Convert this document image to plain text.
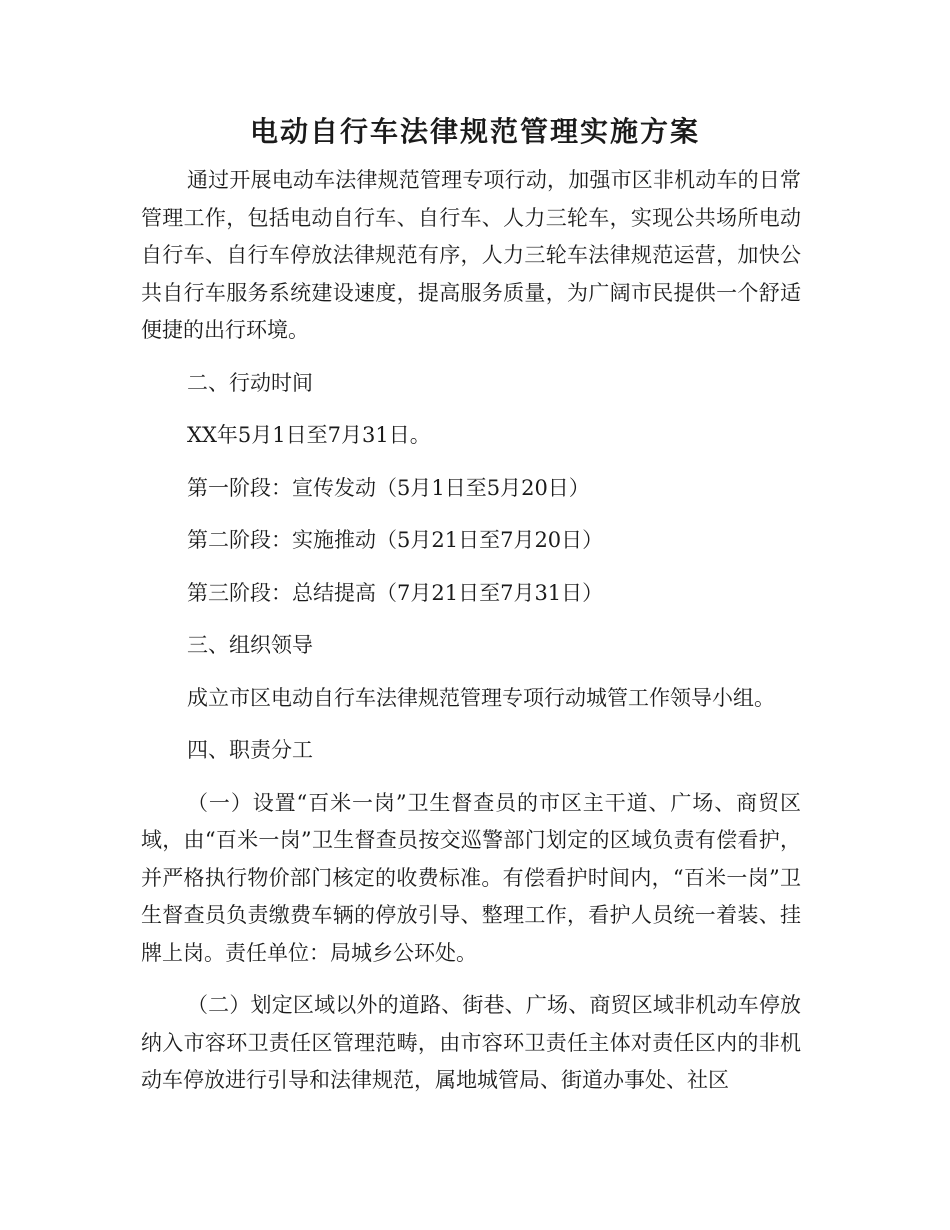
电动自行车法律规范管理实施方案

通过开展电动车法律规范管理专项行动，加强市区非机动车的日常管理工作，包括电动自行车、自行车、人力三轮车，实现公共场所电动自行车、自行车停放法律规范有序，人力三轮车法律规范运营，加快公共自行车服务系统建设速度，提高服务质量，为广阔市民提供一个舒适便捷的出行环境。

二、行动时间

XX年5月1日至7月31日。

第一阶段：宣传发动（5月1日至5月20日）

第二阶段：实施推动（5月21日至7月20日）

第三阶段：总结提高（7月21日至7月31日）

三、组织领导

成立市区电动自行车法律规范管理专项行动城管工作领导小组。

四、职责分工

（一）设置“百米一岗”卫生督查员的市区主干道、广场、商贸区域，由“百米一岗”卫生督查员按交巡警部门划定的区域负责有偿看护，并严格执行物价部门核定的收费标准。有偿看护时间内，“百米一岗”卫生督查员负责缴费车辆的停放引导、整理工作，看护人员统一着装、挂牌上岗。责任单位：局城乡公环处。

（二）划定区域以外的道路、街巷、广场、商贸区域非机动车停放纳入市容环卫责任区管理范畴，由市容环卫责任主体对责任区内的非机动车停放进行引导和法律规范，属地城管局、街道办事处、社区
